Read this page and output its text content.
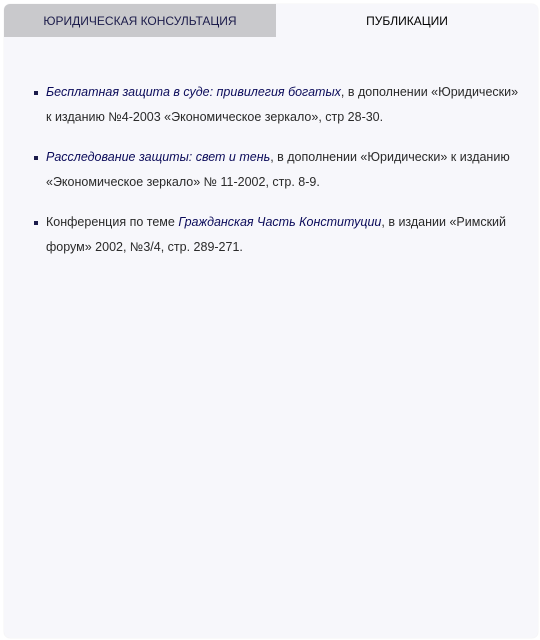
ЮРИДИЧЕСКАЯ КОНСУЛЬТАЦИЯ	ПУБЛИКАЦИИ
Бесплатная защита в суде: привилегия богатых, в дополнении «Юридически» к изданию №4-2003 «Экономическое зеркало», стр 28-30.
Расследование защиты: свет и тень, в дополнении «Юридически» к изданию «Экономическое зеркало» № 11-2002, стр. 8-9.
Конференция по теме Гражданская Часть Конституции, в издании «Римский форум» 2002, №3/4, стр. 289-271.
